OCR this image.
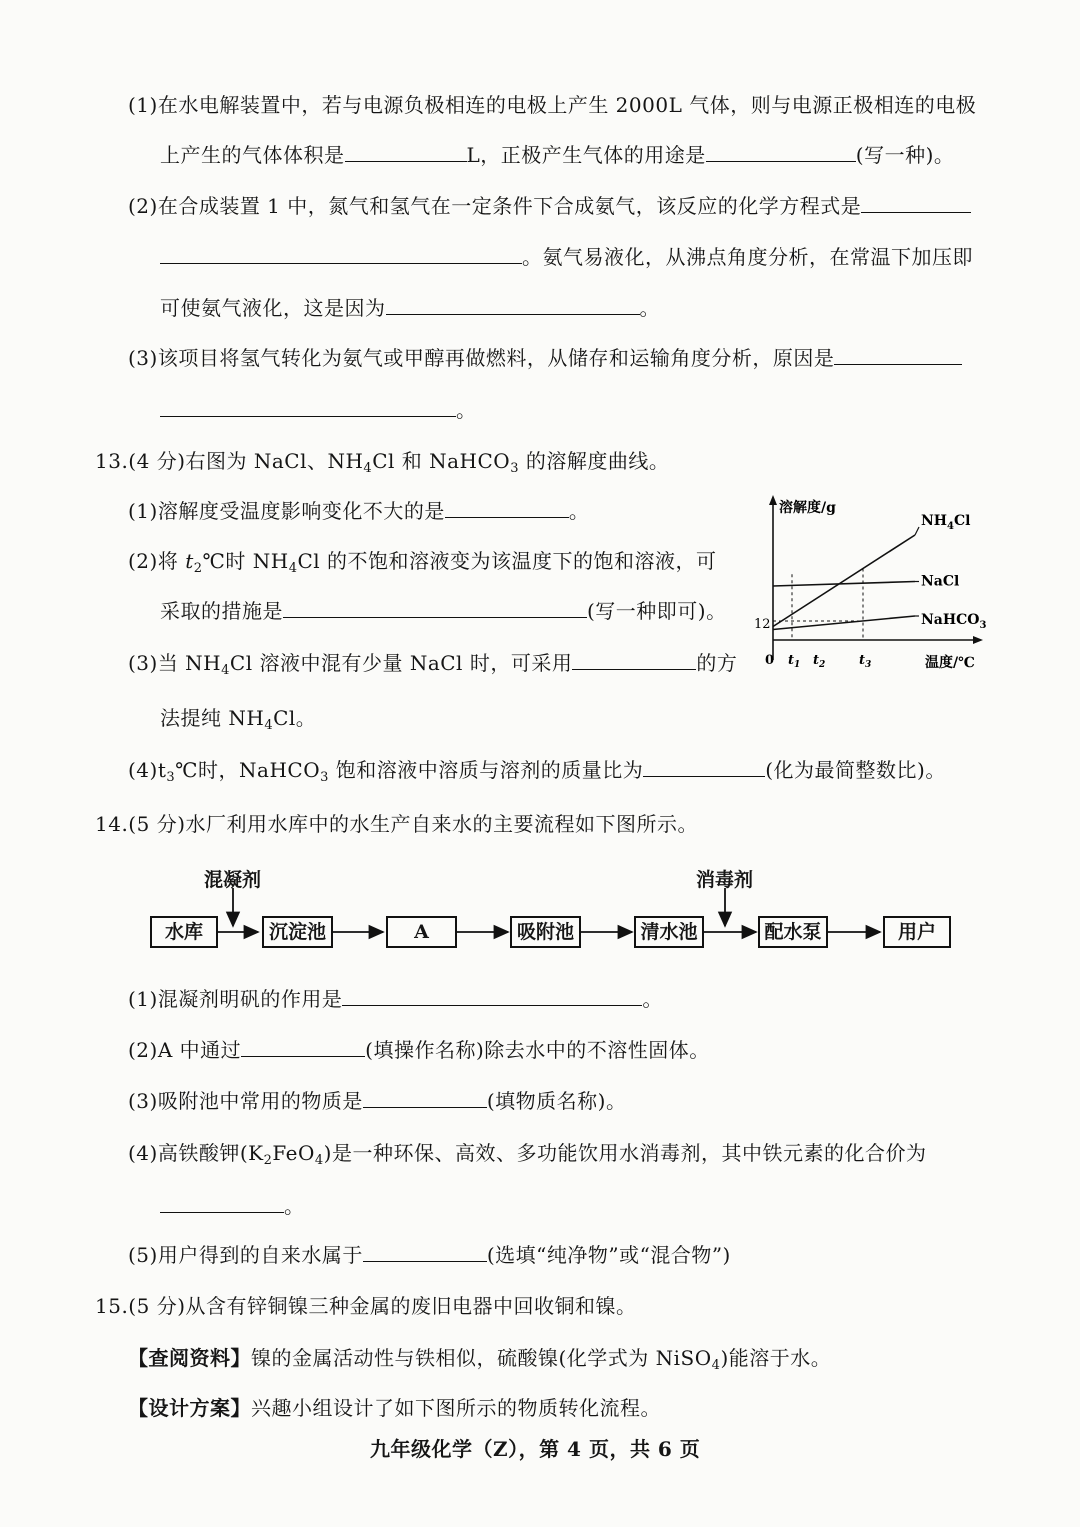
(1)在水电解装置中，若与电源负极相连的电极上产生 2000L 气体，则与电源正极相连的电极
上产生的气体体积是	L，正极产生气体的用途是	(写一种)。
(2)在合成装置 1 中，氮气和氢气在一定条件下合成氨气，该反应的化学方程式是
。氨气易液化，从沸点角度分析，在常温下加压即
可使氨气液化，这是因为	。
(3)该项目将氢气转化为氨气或甲醇再做燃料，从储存和运输角度分析，原因是
。
13.(4 分)右图为 NaCl、$NH_4Cl$ 和 NaHCO$_3$ 的溶解度曲线。
(1)溶解度受温度影响变化不大的是	。
(2)将 $t_2℃$时 $NH_4Cl$ 的不饱和溶液变为该温度下的饱和溶液，可
采取的措施是	(写一种即可)。
(3)当 $NH_4Cl$ 溶液中混有少量 NaCl 时，可采用	的方
法提纯 $NH_4Cl$。
$(4)t_3℃$时，NaHCO$_3$ 饱和溶液中溶质与溶剂的质量比为	(化为最简整数比)。
溶解度/g
温度/℃
0
12
$NH_4Cl$
NaCl
NaHCO$_3$
$t_1$ $t_2$	$t_3$
14.(5 分)水厂利用水库中的水生产自来水的主要流程如下图所示。
混凝剂	消毒剂
水库	沉淀池	A	吸附池	清水池	配水泵	用户
(1)混凝剂明矾的作用是	。
(2)A 中通过	(填操作名称)除去水中的不溶性固体。
(3)吸附池中常用的物质是	(填物质名称)。
(4)高铁酸钾$(K_2FeO_4)$是一种环保、高效、多功能饮用水消毒剂，其中铁元素的化合价为
。
(5)用户得到的自来水属于	(选填“纯净物”或“混合物”)
15.(5 分)从含有锌铜镍三种金属的废旧电器中回收铜和镍。
【查阅资料】镍的金属活动性与铁相似，硫酸镍(化学式为 NiSO$_4$)能溶于水。
【设计方案】兴趣小组设计了如下图所示的物质转化流程。
九年级化学（Z），第 4 页，共 6 页
